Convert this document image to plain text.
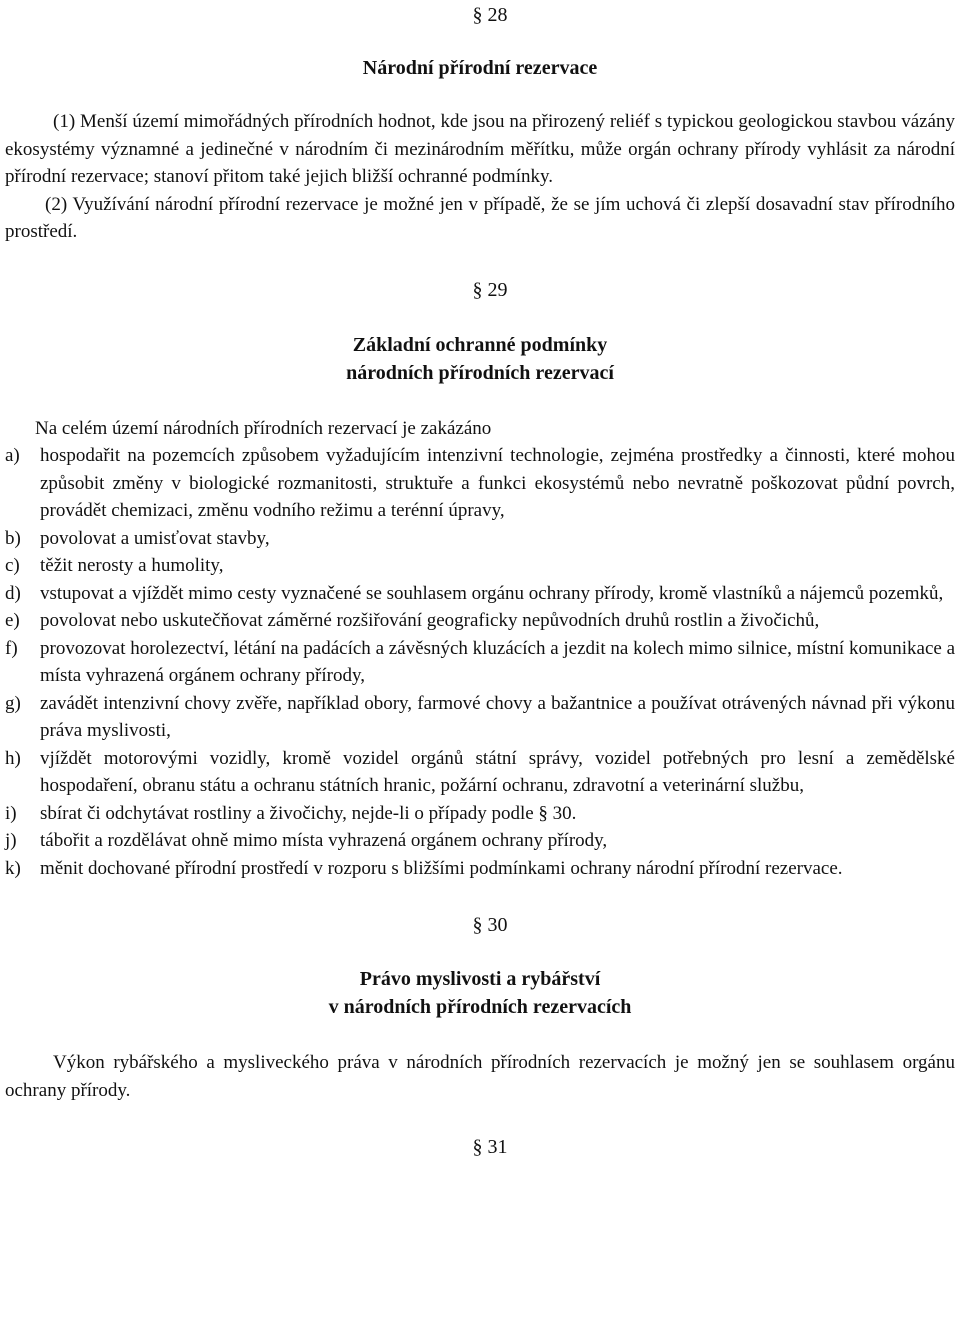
§ 28
Národní přírodní rezervace

(1) Menší území mimořádných přírodních hodnot, kde jsou na přirozený reliéf s typickou geologickou stavbou vázány ekosystémy významné a jedinečné v národním či mezinárodním měřítku, může orgán ochrany přírody vyhlásit za národní přírodní rezervace; stanoví přitom také jejich bližší ochranné podmínky.

(2) Využívání národní přírodní rezervace je možné jen v případě, že se jím uchová či zlepší dosavadní stav přírodního prostředí.

§ 29
Základní ochranné podmínky
národních přírodních rezervací

Na celém území národních přírodních rezervací je zakázáno

a) hospodařit na pozemcích způsobem vyžadujícím intenzivní technologie, zejména prostředky a činnosti, které mohou způsobit změny v biologické rozmanitosti, struktuře a funkci ekosystémů nebo nevratně poškozovat půdní povrch, provádět chemizaci, změnu vodního režimu a terénní úpravy,
b) povolovat a umisťovat stavby,
c) těžit nerosty a humolity,
d) vstupovat a vjíždět mimo cesty vyznačené se souhlasem orgánu ochrany přírody, kromě vlastníků a nájemců pozemků,
e) povolovat nebo uskutečňovat záměrné rozšiřování geograficky nepůvodních druhů rostlin a živočichů,
f) provozovat horolezectví, létání na padácích a závěsných kluzácích a jezdit na kolech mimo silnice, místní komunikace a místa vyhrazená orgánem ochrany přírody,
g) zavádět intenzivní chovy zvěře, například obory, farmové chovy a bažantnice a používat otrávených návnad při výkonu práva myslivosti,
h) vjíždět motorovými vozidly, kromě vozidel orgánů státní správy, vozidel potřebných pro lesní a zemědělské hospodaření, obranu státu a ochranu státních hranic, požární ochranu, zdravotní a veterinární službu,
i) sbírat či odchytávat rostliny a živočichy, nejde-li o případy podle § 30.
j) tábořit a rozdělávat ohně mimo místa vyhrazená orgánem ochrany přírody,
k) měnit dochované přírodní prostředí v rozporu s bližšími podmínkami ochrany národní přírodní rezervace.
§ 30
Právo myslivosti a rybářství
v národních přírodních rezervacích

Výkon rybářského a mysliveckého práva v národních přírodních rezervacích je možný jen se souhlasem orgánu ochrany přírody.

§ 31
